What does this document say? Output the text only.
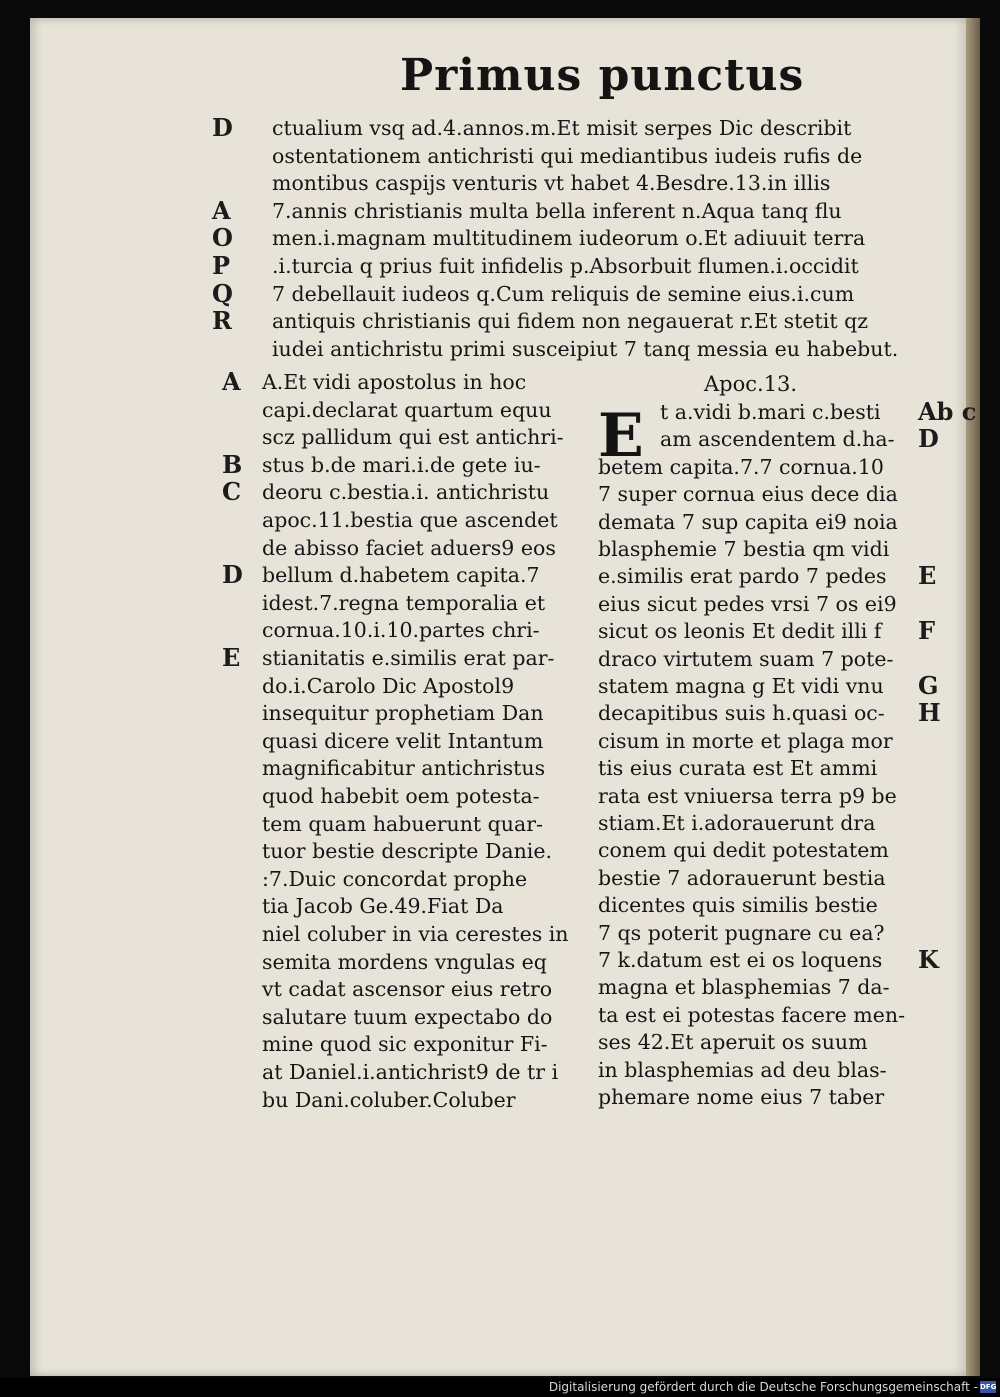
Primus punctus
ctualium vsq ad.4.annos.m.Et misit serpes Dic describit
ostentationem antichristi qui mediantibus iudeis rufis de
montibus caspijs venturis vt habet 4.Besdre.13.in illis
7.annis christianis multa bella inferent n.Aqua tanq flu
men.i.magnam multitudinem iudeorum o.Et adiuuit terra
.i.turcia q prius fuit infidelis p.Absorbuit flumen.i.occidit
7 debellauit iudeos q.Cum reliquis de semine eius.i.cum
antiquis christianis qui fidem non negauerat r.Et stetit qz
iudei antichristu primi susceipiut 7 tanq messia eu habebut.
D
A
O
P
Q
R
Apoc.13.
E
A.Et vidi apostolus in hoc
capi.declarat quartum equu
scz pallidum qui est antichri-
stus b.de mari.i.de gete iu-
deoru c.bestia.i. antichristu
apoc.11.bestia que ascendet
de abisso faciet aduers9 eos
bellum d.habetem capita.7
idest.7.regna temporalia et
cornua.10.i.10.partes chri-
stianitatis e.similis erat par-
do.i.Carolo Dic Apostol9
insequitur prophetiam Dan
quasi dicere velit Intantum
magnificabitur antichristus
quod habebit oem potesta-
tem quam habuerunt quar-
tuor bestie descripte Danie.
:7.Duic concordat prophe
tia Jacob Ge.49.Fiat Da
niel coluber in via cerestes in
semita mordens vngulas eq
vt cadat ascensor eius retro
salutare tuum expectabo do
mine quod sic exponitur Fi-
at Daniel.i.antichrist9 de tr i
bu Dani.coluber.Coluber
A
B
C
D
E
t a.vidi b.mari c.besti
am ascendentem d.ha-
betem capita.7.7 cornua.10
7 super cornua eius dece dia
demata 7 sup capita ei9 noia
blasphemie 7 bestia qm vidi
e.similis erat pardo 7 pedes
eius sicut pedes vrsi 7 os ei9
sicut os leonis Et dedit illi f
draco virtutem suam 7 pote-
statem magna g Et vidi vnu
decapitibus suis h.quasi oc-
cisum in morte et plaga mor
tis eius curata est Et ammi
rata est vniuersa terra p9 be
stiam.Et i.adorauerunt dra
conem qui dedit potestatem
bestie 7 adorauerunt bestia
dicentes quis similis bestie
7 qs poterit pugnare cu ea?
7 k.datum est ei os loquens
magna et blasphemias 7 da-
ta est ei potestas facere men-
ses 42.Et aperuit os suum
in blasphemias ad deu blas-
phemare nome eius 7 taber
Ab c
D
E
F
G
H
K
Digitalisierung gefördert durch die Deutsche Forschungsgemeinschaft - DFG
